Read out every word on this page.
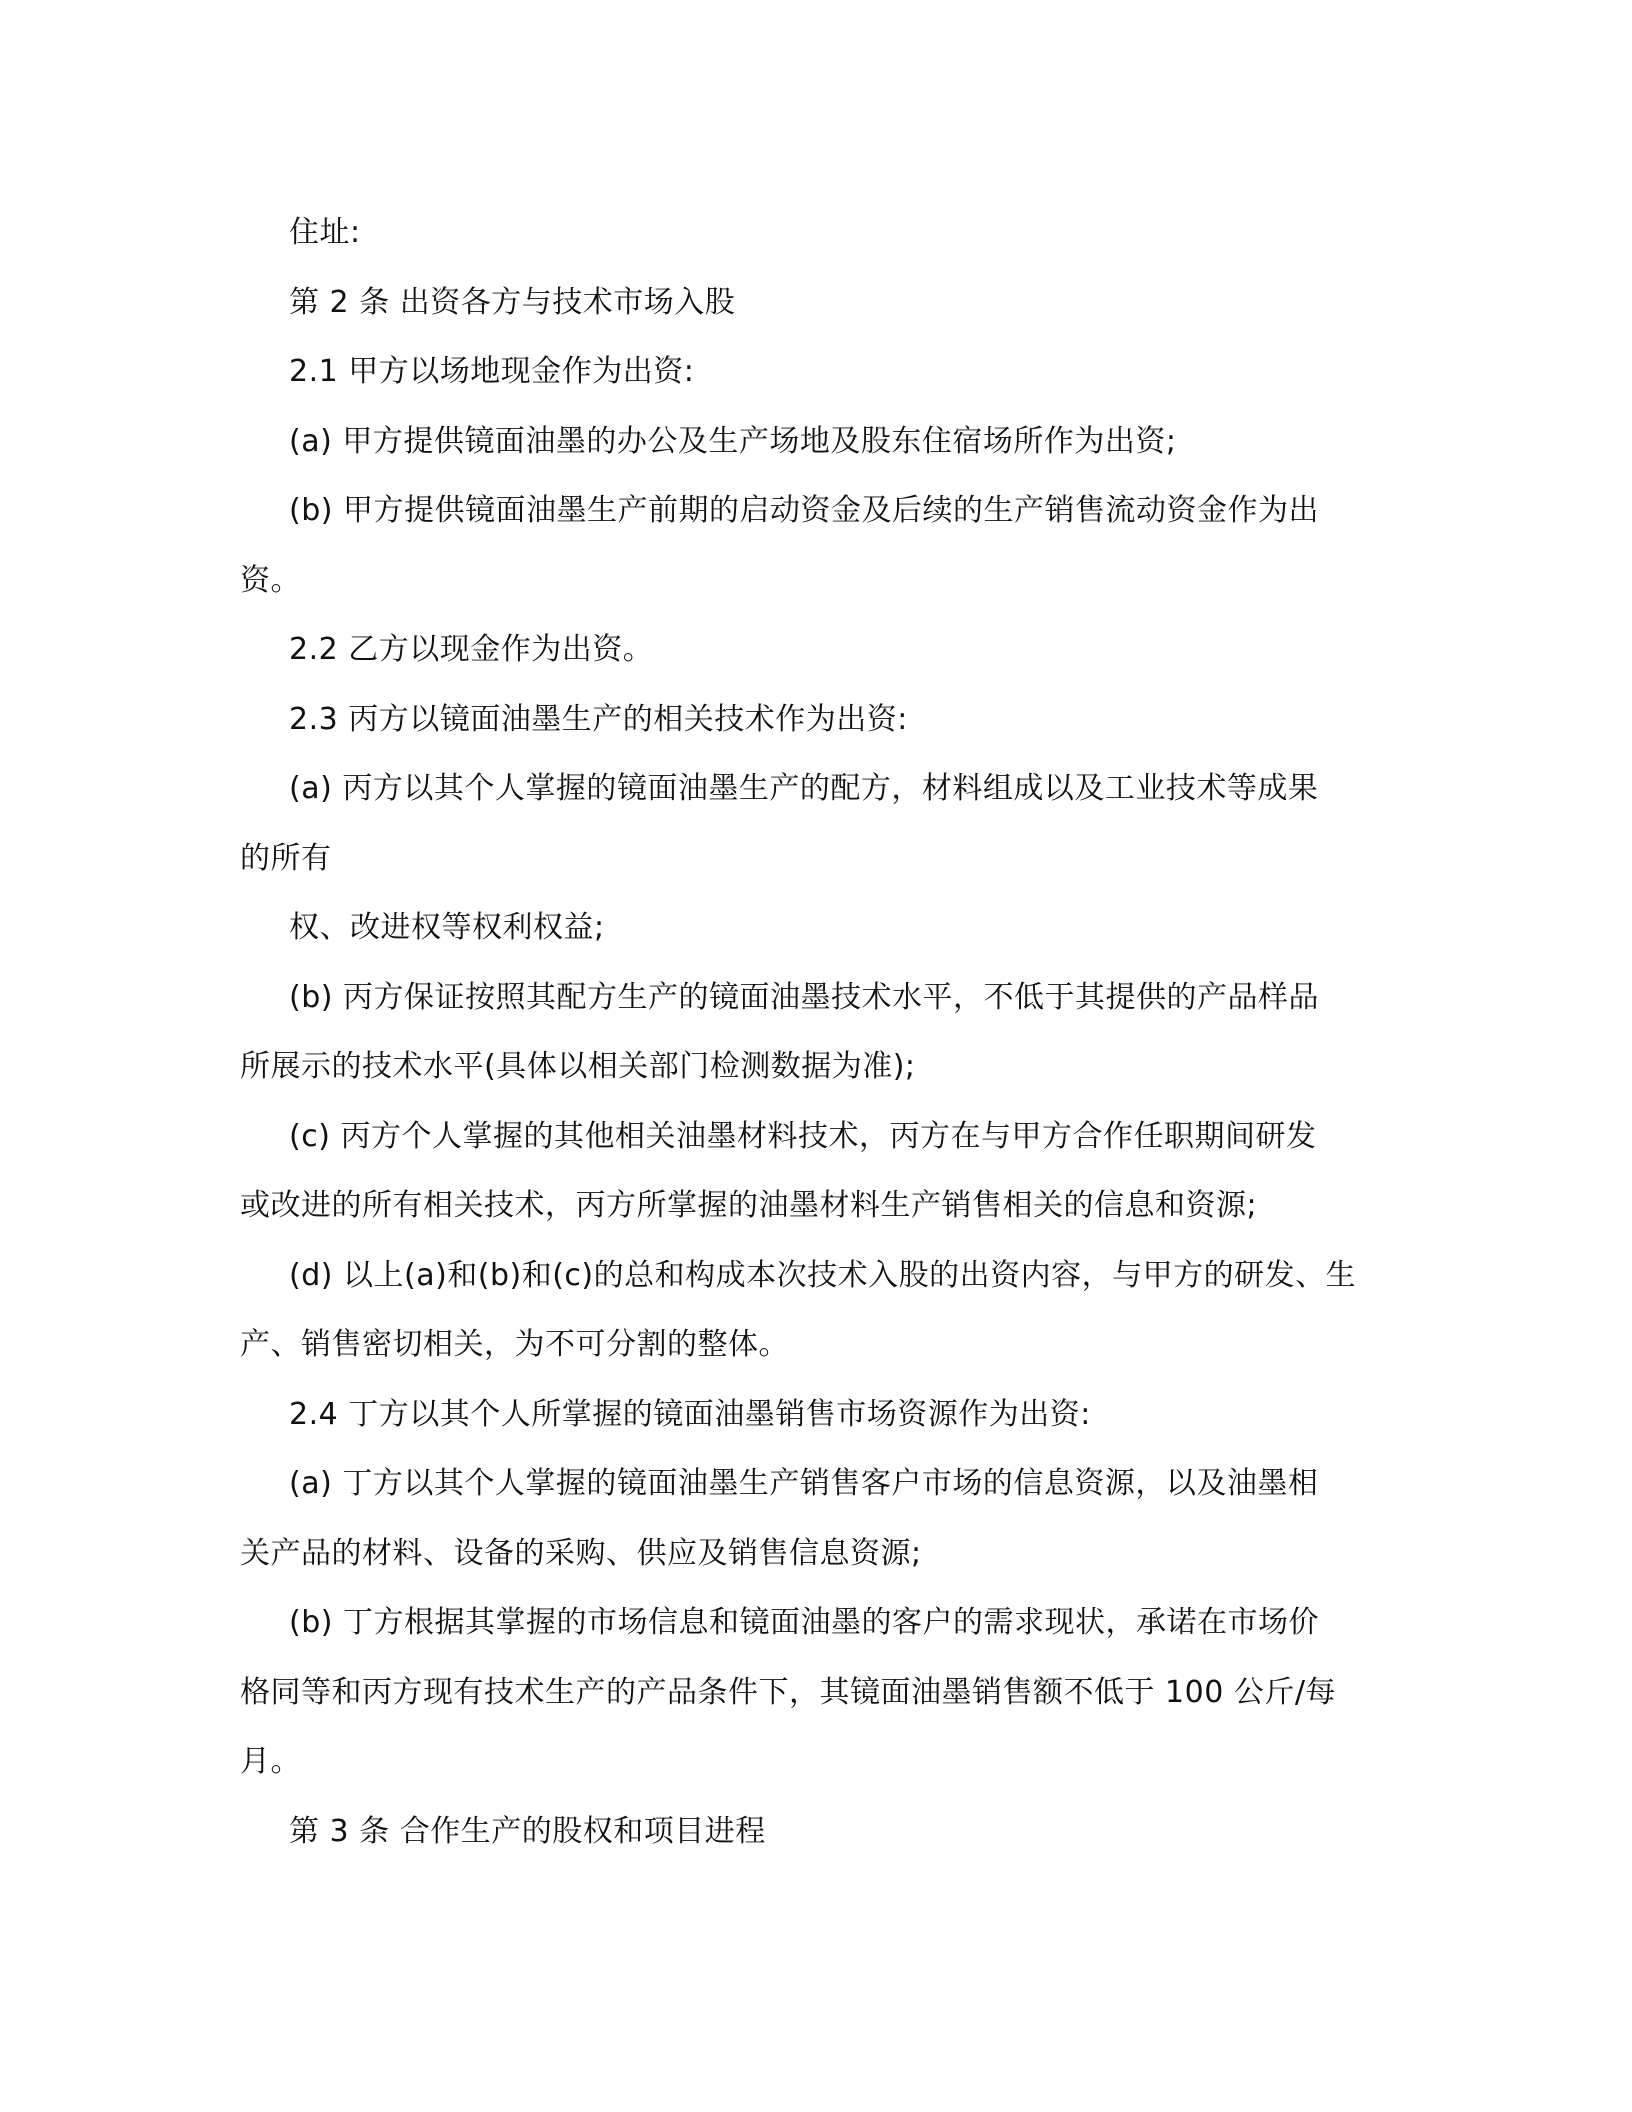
住址:
第 2 条 出资各方与技术市场入股
2.1 甲方以场地现金作为出资:
(a) 甲方提供镜面油墨的办公及生产场地及股东住宿场所作为出资;
(b) 甲方提供镜面油墨生产前期的启动资金及后续的生产销售流动资金作为出
资。
2.2 乙方以现金作为出资。
2.3 丙方以镜面油墨生产的相关技术作为出资:
(a) 丙方以其个人掌握的镜面油墨生产的配方，材料组成以及工业技术等成果
的所有
权、改进权等权利权益;
(b) 丙方保证按照其配方生产的镜面油墨技术水平，不低于其提供的产品样品
所展示的技术水平(具体以相关部门检测数据为准);
(c) 丙方个人掌握的其他相关油墨材料技术，丙方在与甲方合作任职期间研发
或改进的所有相关技术，丙方所掌握的油墨材料生产销售相关的信息和资源;
(d) 以上(a)和(b)和(c)的总和构成本次技术入股的出资内容，与甲方的研发、生
产、销售密切相关，为不可分割的整体。
2.4 丁方以其个人所掌握的镜面油墨销售市场资源作为出资:
(a) 丁方以其个人掌握的镜面油墨生产销售客户市场的信息资源，以及油墨相
关产品的材料、设备的采购、供应及销售信息资源;
(b) 丁方根据其掌握的市场信息和镜面油墨的客户的需求现状，承诺在市场价
格同等和丙方现有技术生产的产品条件下，其镜面油墨销售额不低于 100 公斤/每
月。
第 3 条 合作生产的股权和项目进程
